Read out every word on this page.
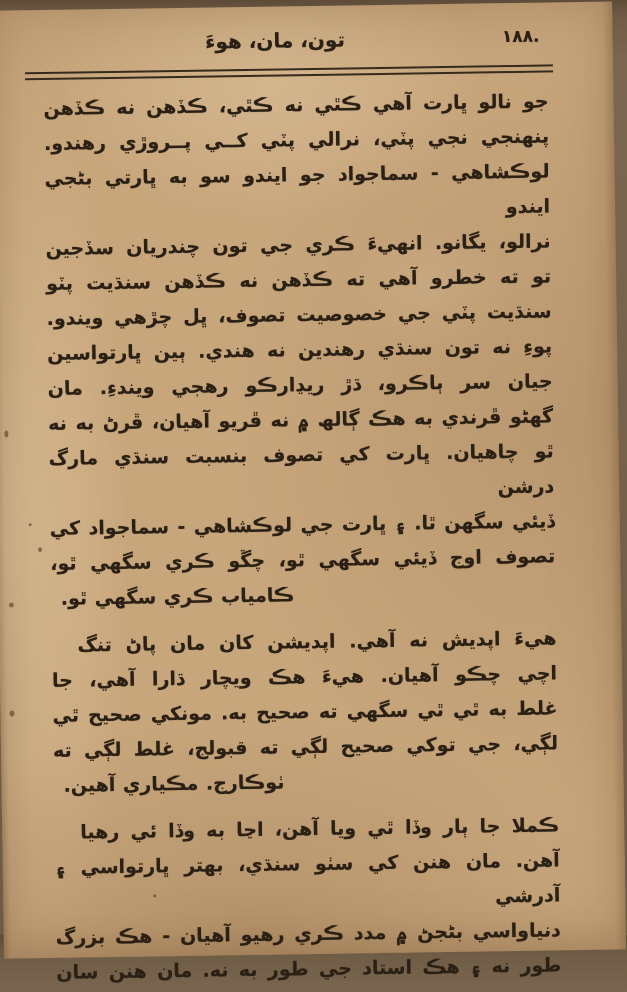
١٨٨.
تون، مان، هوءَ
جو نالو ڀارت آهي ڪٿي نه ڪٿي، ڪڏهن نه ڪڏهن
پنهنجي نجي پٽي، نرالي پٽي کــي پــروڙي رهندو.
لوڪشاهي - سماجواد جو ايندو سو به ڀارتي بڻجي ايندو
نرالو، يگانو. انهيءَ ڪري جي تون چندريان سڏجين
تو ته خطرو آهي ته ڪڏهن نه ڪڏهن سنڌيت پٽو
سنڌيت پٽي جي خصوصيت تصوف، ڀل چڙهي ويندو.
پوءِ نه تون سنڌي رهندين نه هندي. ٻين ڀارتواسين
جيان سر ٻاڪرو، ڌڙ ريڍارڪو رهجي ويندءِ. مان
گهڻو ڦرندي به هڪ ڳالھ ۾ نه ڦريو آهيان، ڦرڻ به نه
ٿو چاهيان. ڀارت کي تصوف بنسبت سنڌي مارگ درشن
ڏيئي سگهن ٿا. ۽ ڀارت جي لوڪشاهي - سماجواد کي
تصوف اوج ڏيئي سگهي ٿو، چڱو ڪري سگهي ٿو،
ڪامياب ڪري سگهي ٿو.
هيءَ اپديش نه آهي. اپديشن کان مان پاڻ تنگ
اچي چڪو آهيان. هيءَ هڪ ويچار ڌارا آهي، جا
غلط به ٿي ٿي سگهي ته صحيح به. مونکي صحيح ٿي
لڳي، جي توکي صحيح لڳي ته قبولج، غلط لڳي ته
ٺوڪارج. مڪياري آهين.
ڪملا جا ٻار وڏا ٿي ويا آهن، اڃا به وڏا ئي رهيا
آهن. مان هنن کي سٺو سنڌي، بهتر ڀارتواسي ۽ آدرشي
دنياواسي بڻجڻ ۾ مدد ڪري رهيو آهيان - هڪ بزرگ
طور نه ۽ هڪ استاد جي طور به نه. مان هنن سان
